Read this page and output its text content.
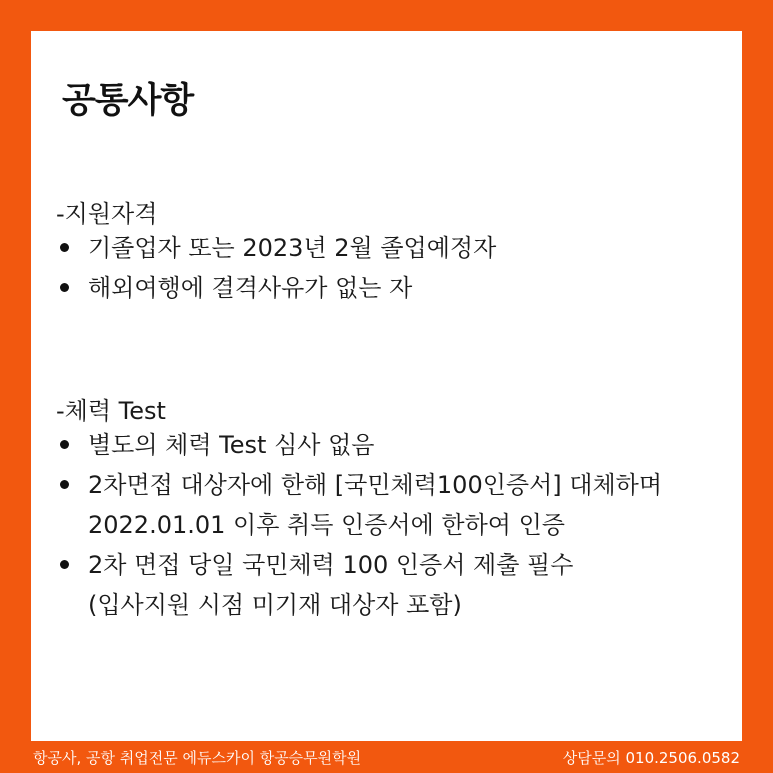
공통사항
-지원자격
기졸업자 또는 2023년 2월 졸업예정자
해외여행에 결격사유가 없는 자
-체력 Test
별도의 체력 Test 심사 없음
2차면접 대상자에 한해 [국민체력100인증서] 대체하며
2022.01.01 이후 취득 인증서에 한하여 인증
2차 면접 당일 국민체력 100 인증서 제출 필수
(입사지원 시점 미기재 대상자 포함)
항공사, 공항 취업전문 에듀스카이 항공승무원학원	상담문의 010.2506.0582
